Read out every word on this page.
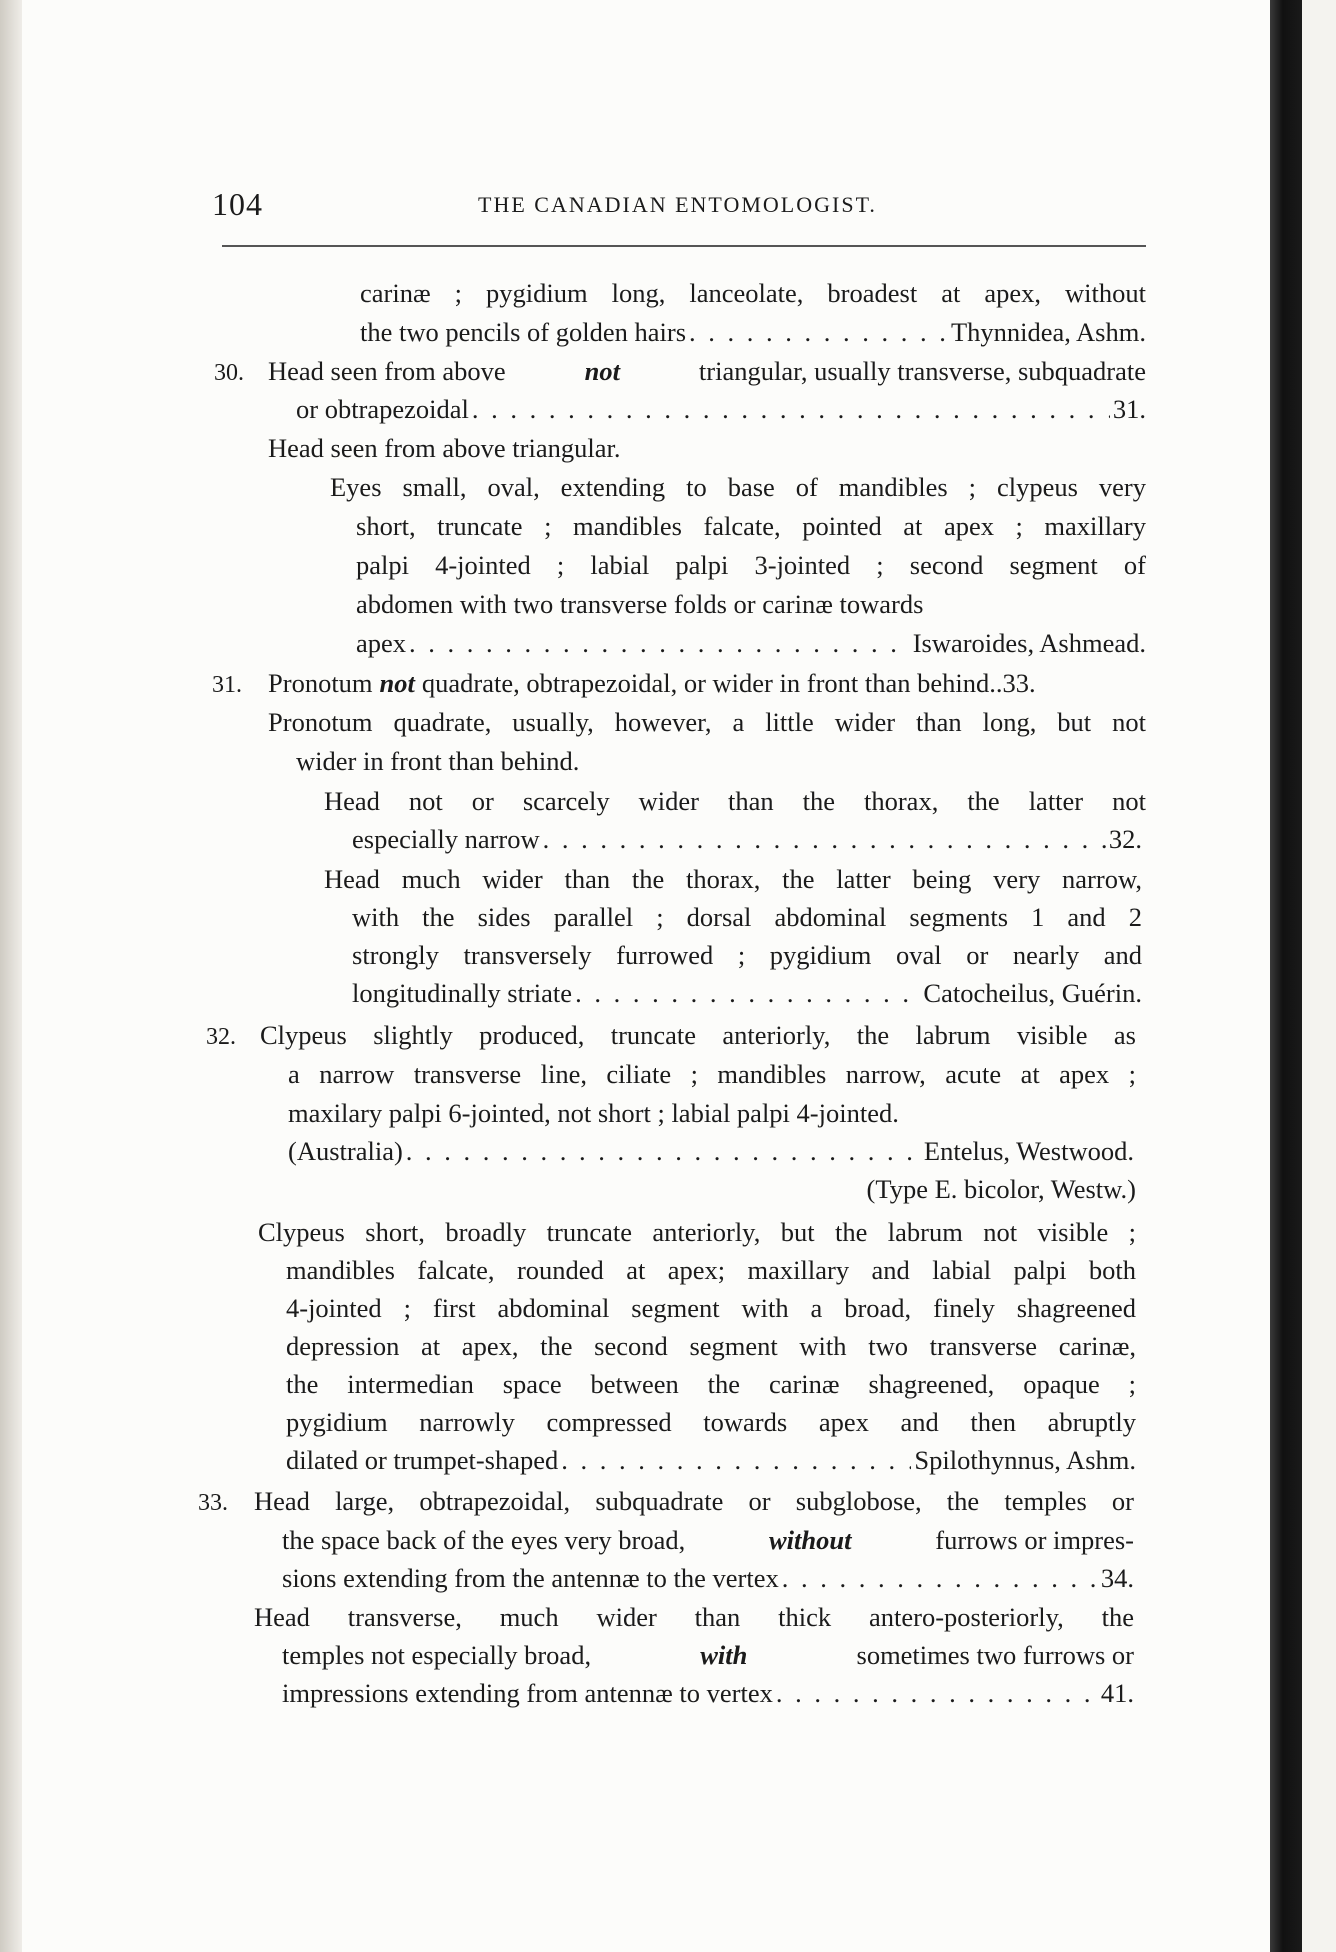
104	THE CANADIAN ENTOMOLOGIST.
carinæ ; pygidium long, lanceolate, broadest at apex, without
the two pencils of golden hairs . . .	Thynnidea, Ashm.
30. Head seen from above	not	triangular, usually transverse, subquadrate
or obtrapezoidal . . .	31.
Head seen from above triangular.
Eyes small, oval, extending to base of mandibles ; clypeus very
short, truncate ; mandibles falcate, pointed at apex ; maxillary
palpi 4-jointed ; labial palpi 3-jointed ; second segment of
abdomen with two transverse folds or carinæ towards
apex . . .	Iswaroides, Ashmead.
31. Pronotum not quadrate, obtrapezoidal, or wider in front than behind..33.
Pronotum quadrate, usually, however, a little wider than long, but not
wider in front than behind.
Head not or scarcely wider than the thorax, the latter not
especially narrow . . .	32.
Head much wider than the thorax, the latter being very narrow,
with the sides parallel ; dorsal abdominal segments 1 and 2
strongly transversely furrowed ; pygidium oval or nearly and
longitudinally striate . . .	Catocheilus, Guérin.
32. Clypeus slightly produced, truncate anteriorly, the labrum visible as
a narrow transverse line, ciliate ; mandibles narrow, acute at apex ;
maxilary palpi 6-jointed, not short ; labial palpi 4-jointed.
(Australia) . . .	Entelus, Westwood.
(Type E. bicolor, Westw.)
Clypeus short, broadly truncate anteriorly, but the labrum not visible ;
mandibles falcate, rounded at apex; maxillary and labial palpi both
4-jointed ; first abdominal segment with a broad, finely shagreened
depression at apex, the second segment with two transverse carinæ,
the intermedian space between the carinæ shagreened, opaque ;
pygidium narrowly compressed towards apex and then abruptly
dilated or trumpet-shaped . . .	Spilothynnus, Ashm.
33. Head large, obtrapezoidal, subquadrate or subglobose, the temples or
the space back of the eyes very broad,	without	furrows or impres-
sions extending from the antennæ to the vertex . . .	34.
Head transverse, much wider than thick antero-posteriorly, the
temples not especially broad,	with	sometimes two furrows or
impressions extending from antennæ to vertex . . .	41.
